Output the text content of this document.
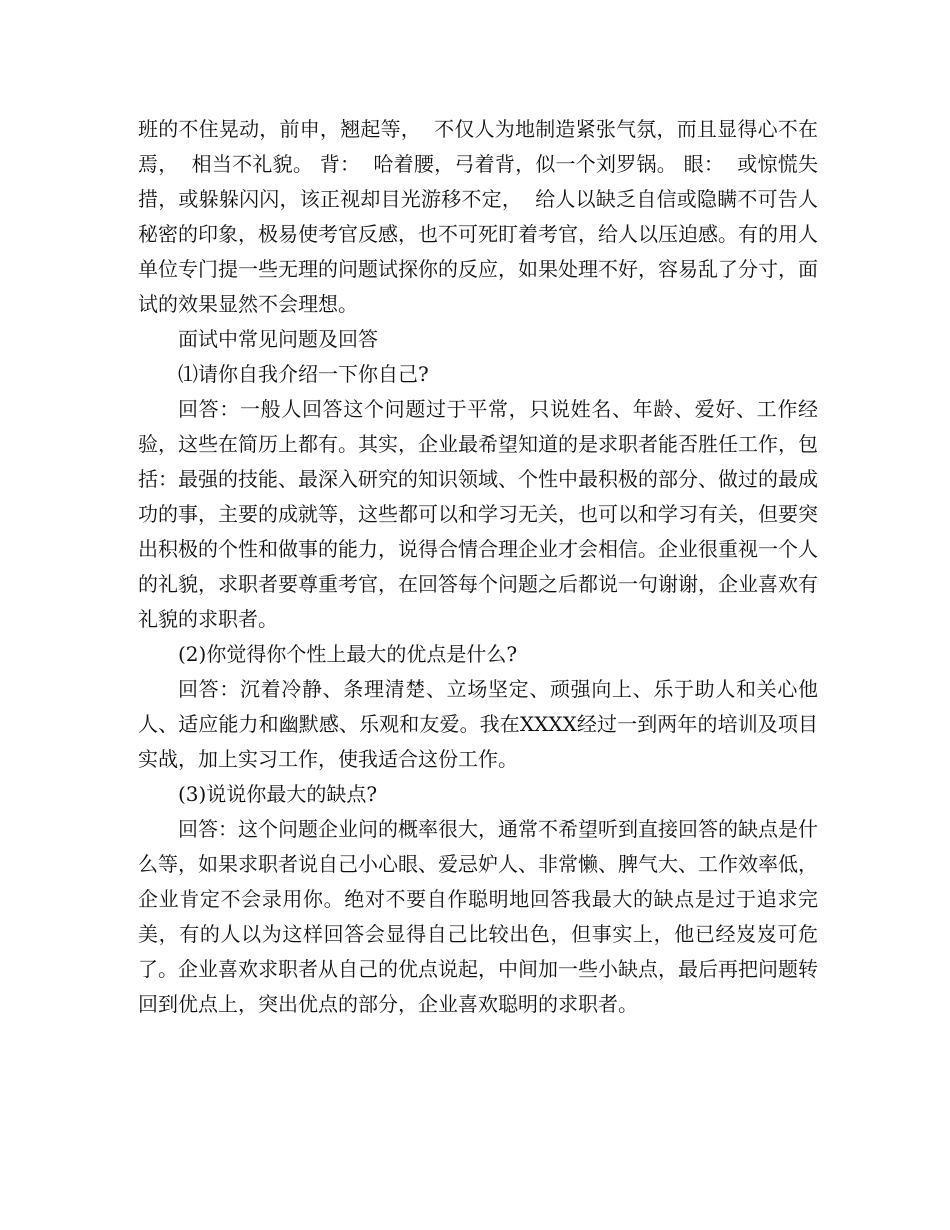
班的不住晃动，前申，翘起等，  不仅人为地制造紧张气氛，而且显得心不在焉，  相当不礼貌。 背：  哈着腰，弓着背，似一个刘罗锅。 眼：  或惊慌失措，或躲躲闪闪，该正视却目光游移不定，  给人以缺乏自信或隐瞒不可告人秘密的印象，极易使考官反感，也不可死盯着考官，给人以压迫感。有的用人单位专门提一些无理的问题试探你的反应，如果处理不好，容易乱了分寸，面试的效果显然不会理想。

面试中常见问题及回答

⑴请你自我介绍一下你自己?

回答：一般人回答这个问题过于平常，只说姓名、年龄、爱好、工作经验，这些在简历上都有。其实，企业最希望知道的是求职者能否胜任工作，包括：最强的技能、最深入研究的知识领域、个性中最积极的部分、做过的最成功的事，主要的成就等，这些都可以和学习无关，也可以和学习有关，但要突出积极的个性和做事的能力，说得合情合理企业才会相信。企业很重视一个人的礼貌，求职者要尊重考官，在回答每个问题之后都说一句谢谢，企业喜欢有礼貌的求职者。

(2)你觉得你个性上最大的优点是什么?

回答：沉着冷静、条理清楚、立场坚定、顽强向上、乐于助人和关心他人、适应能力和幽默感、乐观和友爱。我在XXXX经过一到两年的培训及项目实战，加上实习工作，使我适合这份工作。

(3)说说你最大的缺点?

回答：这个问题企业问的概率很大，通常不希望听到直接回答的缺点是什么等，如果求职者说自己小心眼、爱忌妒人、非常懒、脾气大、工作效率低，企业肯定不会录用你。绝对不要自作聪明地回答我最大的缺点是过于追求完美，有的人以为这样回答会显得自己比较出色，但事实上，他已经岌岌可危了。企业喜欢求职者从自己的优点说起，中间加一些小缺点，最后再把问题转回到优点上，突出优点的部分，企业喜欢聪明的求职者。
